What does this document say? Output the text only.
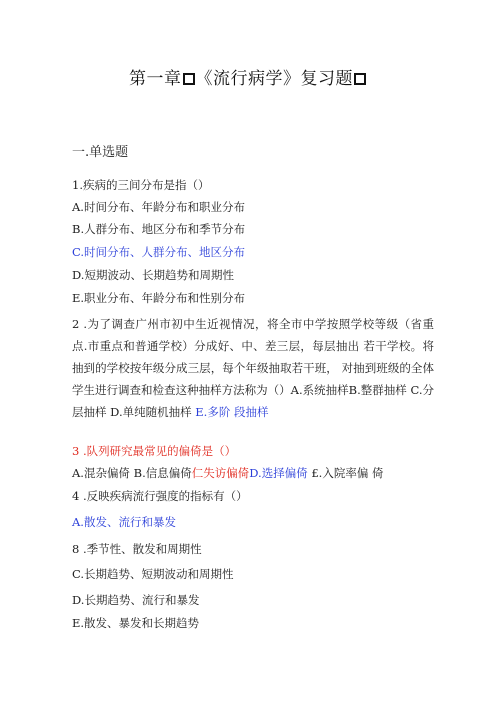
第一章 《流行病学》复习题
一.单选题
1.疾病的三间分布是指（）
A.时间分布、年龄分布和职业分布
B.人群分布、地区分布和季节分布
C.时间分布、人群分布、地区分布
D.短期波动、长期趋势和周期性
E.职业分布、年龄分布和性别分布
2 .为了调查广州市初中生近视情况，将全市中学按照学校等级（省重点.市重点和普通学校）分成好、中、差三层，每层抽出 若干学校。将抽到的学校按年级分成三层，每个年级抽取若干班， 对抽到班级的全体学生进行调查和检查这种抽样方法称为（）A.系统抽样B.整群抽样 C.分层抽样 D.单纯随机抽样 E.多阶 段抽样
3 .队列研究最常见的偏倚是（）
A.混杂偏倚 B.信息偏倚仁失访偏倚D.选择偏倚 £.入院率偏 倚
4 .反映疾病流行强度的指标有（）
A.散发、流行和暴发
8 .季节性、散发和周期性
C.长期趋势、短期波动和周期性
D.长期趋势、流行和暴发
E.散发、暴发和长期趋势
